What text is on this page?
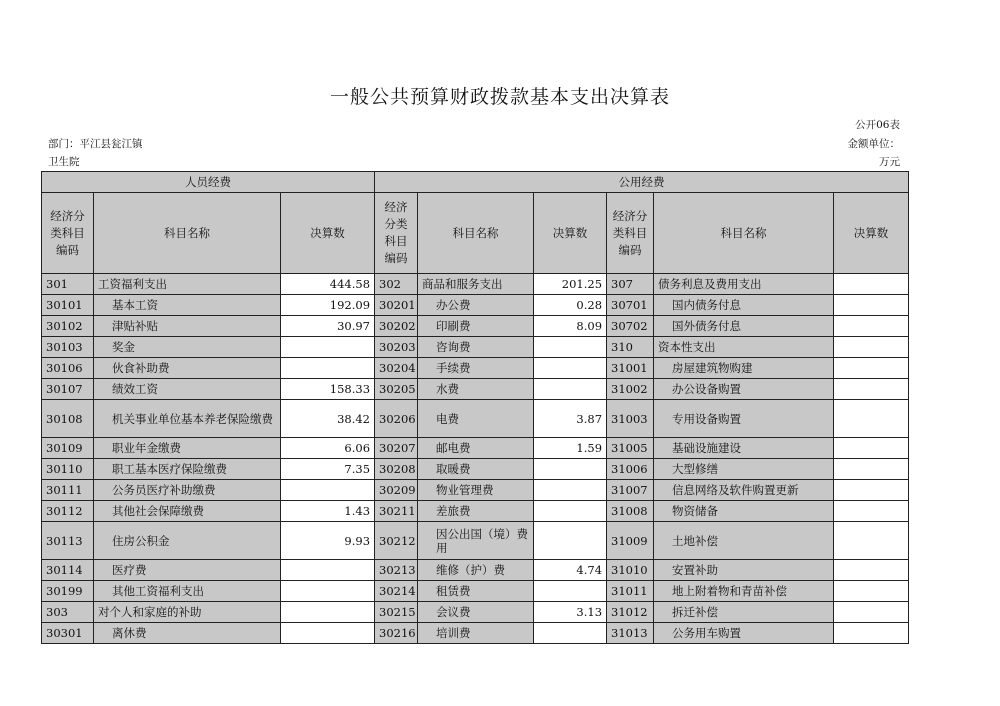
一般公共预算财政拨款基本支出决算表
公开06表
部门：平江县瓮江镇
卫生院
金额单位：
万元
人员经费			公用经费					
经济分类科目编码	科目名称	决算数	经济分类科目编码	科目名称	决算数	经济分类科目编码	科目名称	决算数
301	工资福利支出	444.58	302	商品和服务支出	201.25	307	债务利息及费用支出	
30101	基本工资	192.09	30201	办公费	0.28	30701	国内债务付息	
30102	津贴补贴	30.97	30202	印刷费	8.09	30702	国外债务付息	
30103	奖金		30203	咨询费		310	资本性支出	
30106	伙食补助费		30204	手续费		31001	房屋建筑物购建	
30107	绩效工资	158.33	30205	水费		31002	办公设备购置	
30108	机关事业单位基本养老保险缴费	38.42	30206	电费	3.87	31003	专用设备购置	
30109	职业年金缴费	6.06	30207	邮电费	1.59	31005	基础设施建设	
30110	职工基本医疗保险缴费	7.35	30208	取暖费		31006	大型修缮	
30111	公务员医疗补助缴费		30209	物业管理费		31007	信息网络及软件购置更新	
30112	其他社会保障缴费	1.43	30211	差旅费		31008	物资储备	
30113	住房公积金	9.93	30212	因公出国（境）费用		31009	土地补偿	
30114	医疗费		30213	维修（护）费	4.74	31010	安置补助	
30199	其他工资福利支出		30214	租赁费		31011	地上附着物和青苗补偿	
303	对个人和家庭的补助		30215	会议费	3.13	31012	拆迁补偿	
30301	离休费		30216	培训费		31013	公务用车购置	
